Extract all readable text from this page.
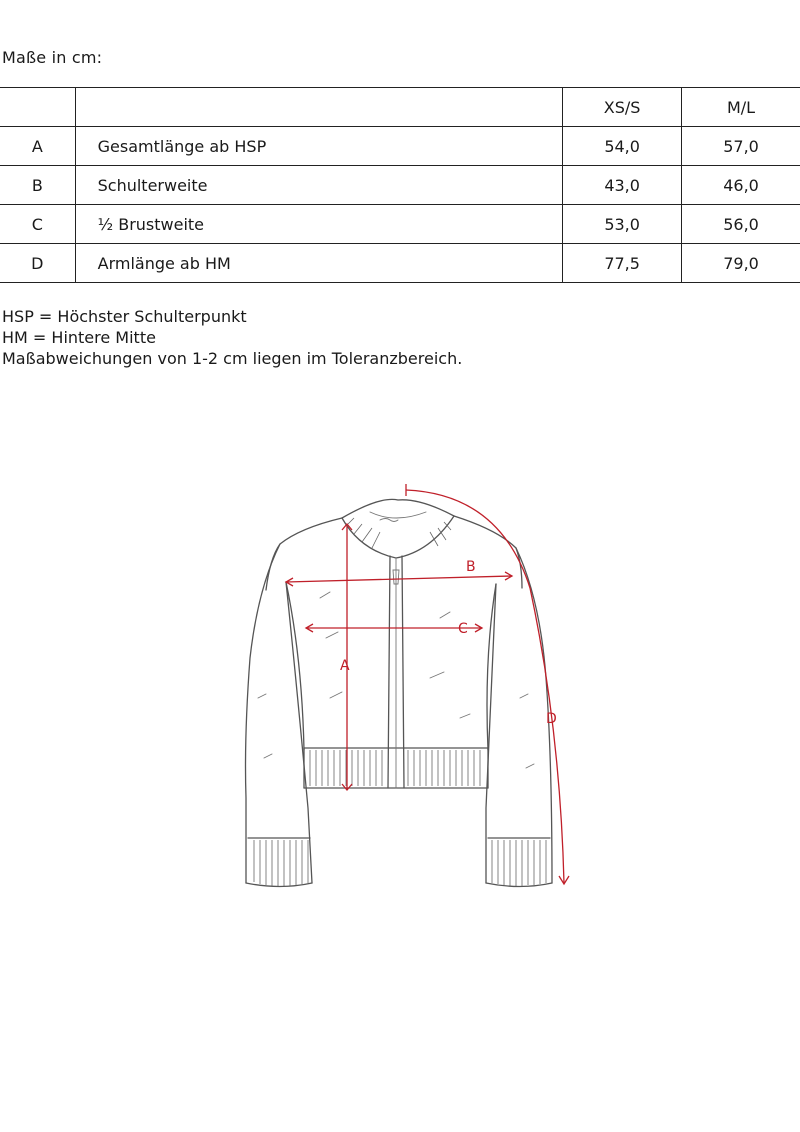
Maße in cm:
		XS/S	M/L
A	Gesamtlänge ab HSP	54,0	57,0
B	Schulterweite	43,0	46,0
C	½ Brustweite	53,0	56,0
D	Armlänge ab HM	77,5	79,0
HSP = Höchster Schulterpunkt
HM = Hintere Mitte
Maßabweichungen von 1-2 cm liegen im Toleranzbereich.
A
B
C
D
